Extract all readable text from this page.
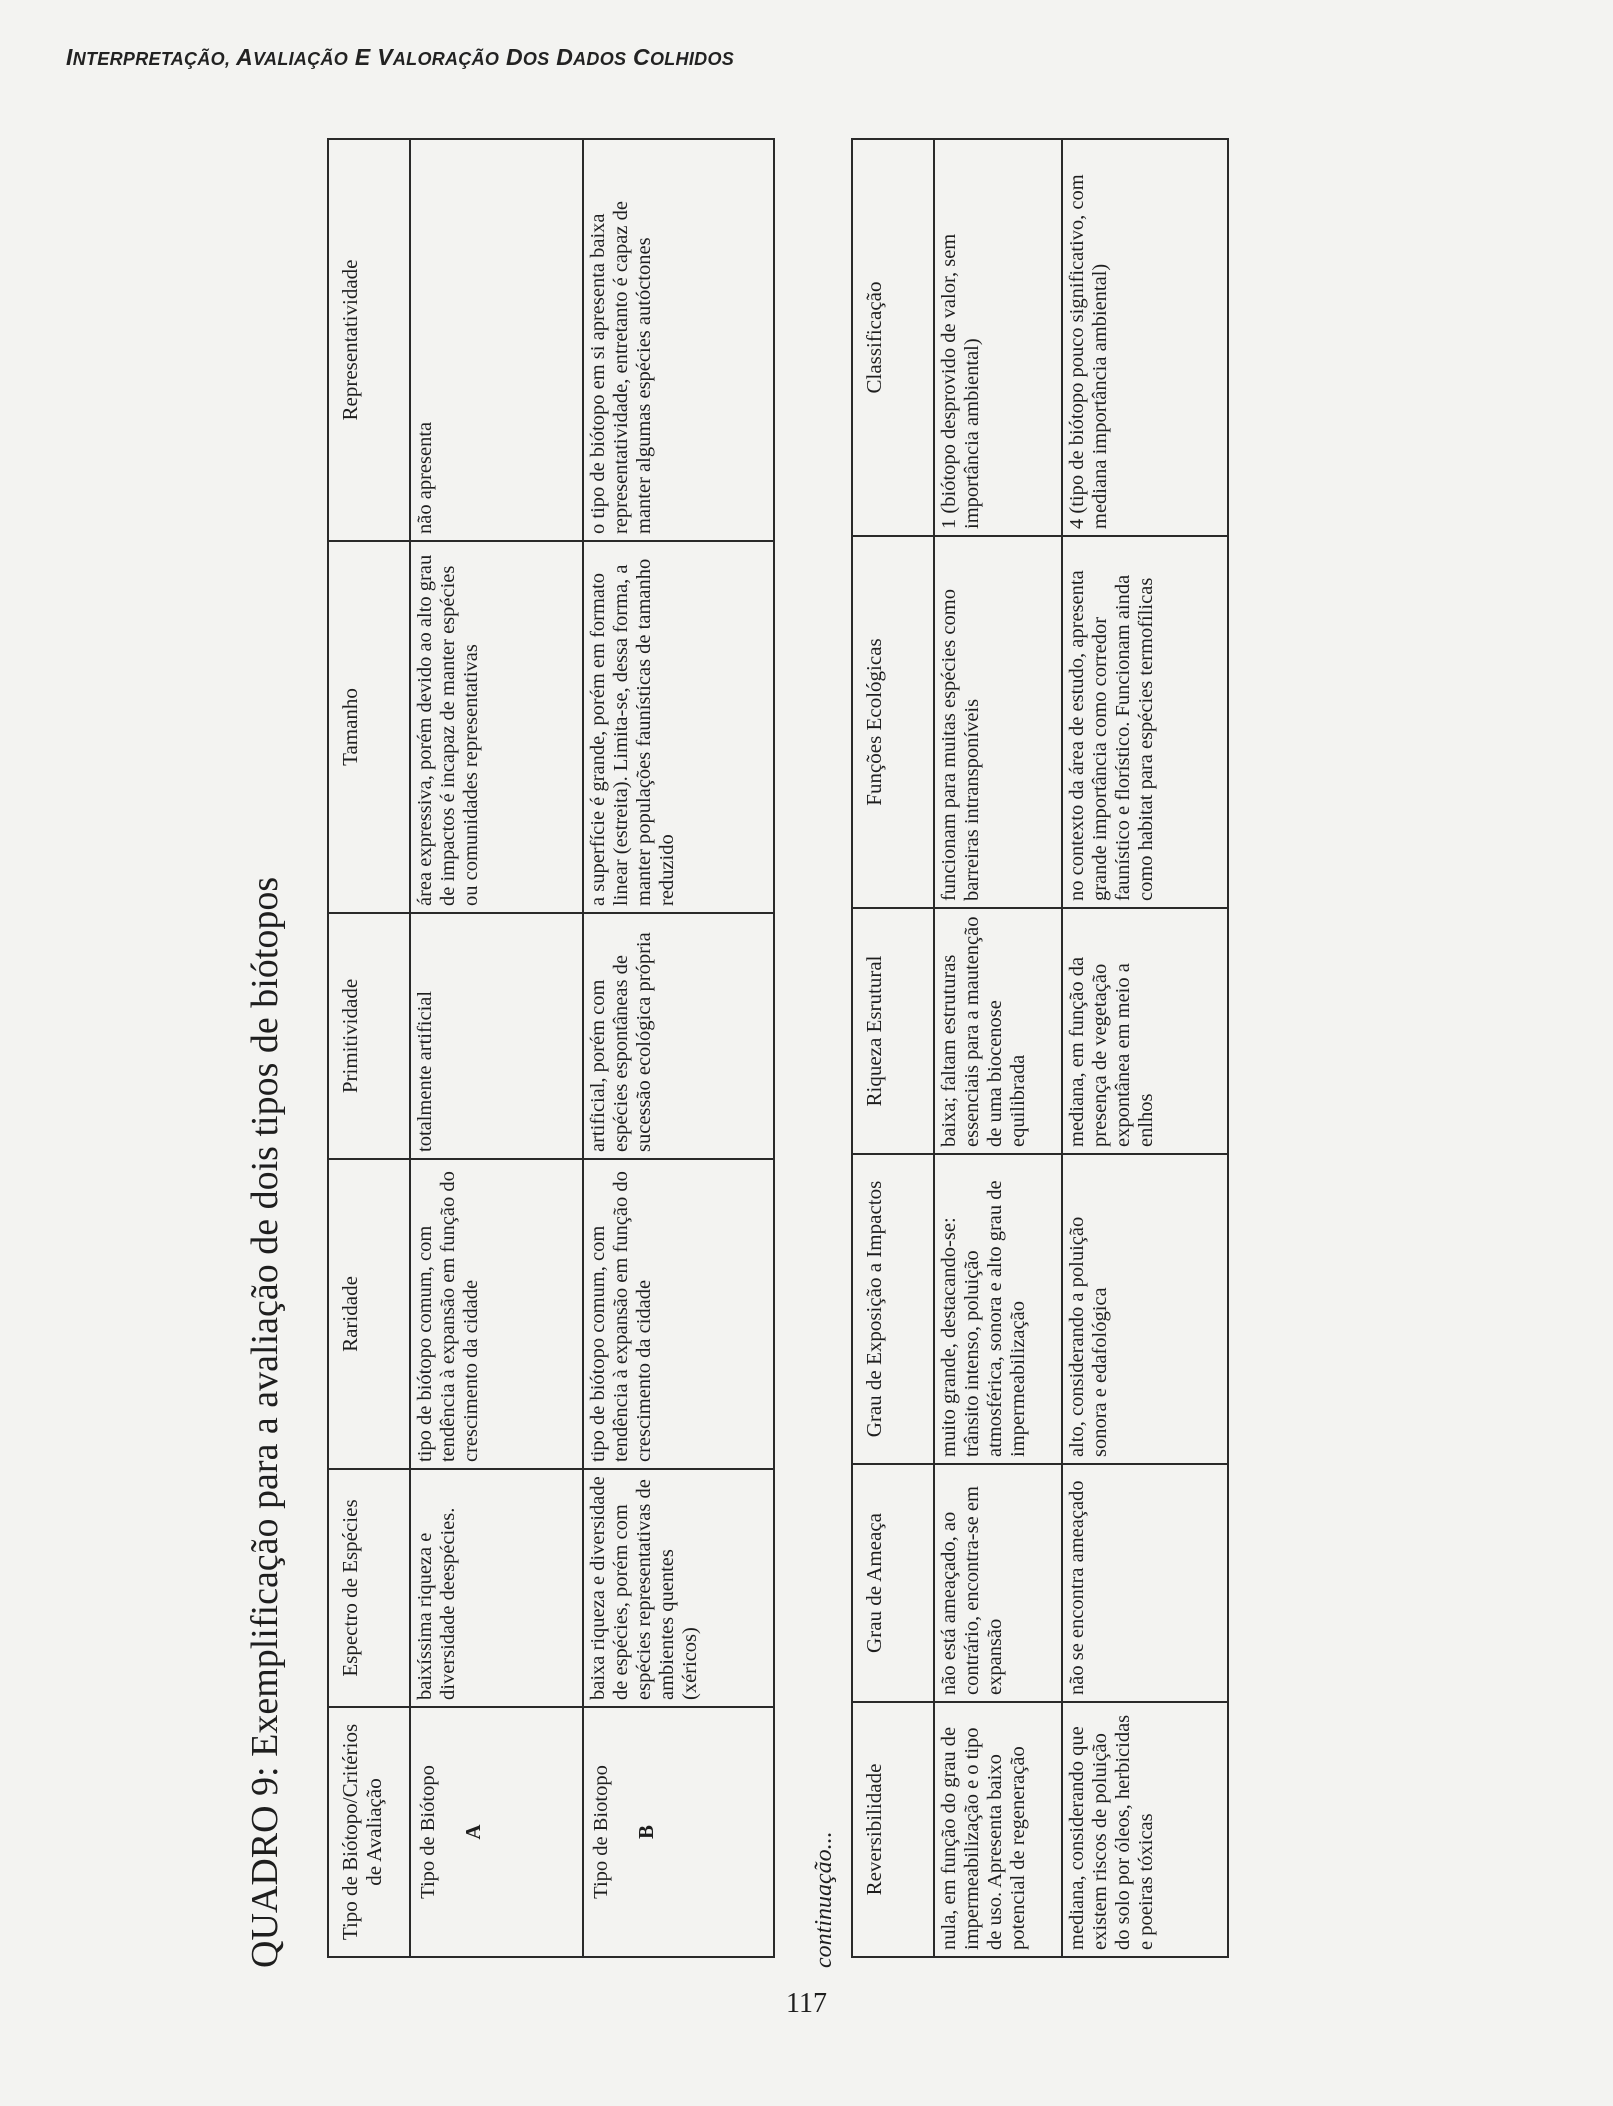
INTERPRETAÇÃO, AVALIAÇÃO E VALORAÇÃO DOS DADOS COLHIDOS

QUADRO 9: Exemplificação para a avaliação de dois tipos de biótopos Tipo de Biótopo/Critérios de Avaliação	Espectro de Espécies	Raridade	Primitividade	Tamanho	Representatividade
Tipo de Biótopo A	baixíssima riqueza e diversidade deespécies.	tipo de biótopo comum, com tendência à expansão em função do crescimento da cidade	totalmente artificial	área expressiva, porém devido ao alto grau de impactos é incapaz de manter espécies ou comunidades representativas	não apresenta
Tipo de Biotopo B	baixa riqueza e diversidade de espécies, porém com espécies representativas de ambientes quentes (xéricos)	tipo de biótopo comum, com tendência à expansão em função do crescimento da cidade	artificial, porém com espécies espontâneas de sucessão ecológica própria	a superfície é grande, porém em formato linear (estreita). Limita-se, dessa forma, a manter populações faunísticas de tamanho reduzido	o tipo de biótopo em si apresenta baixa representatividade, entretanto é capaz de manter algumas espécies autóctones
continuação...
Reversibilidade	Grau de Ameaça	Grau de Exposição a Impactos	Riqueza Esrutural	Funções Ecológicas	Classificação
nula, em função do grau de impermeabilização e o tipo de uso. Apresenta baixo potencial de regeneração	não está ameaçado, ao contrário, encontra-se em expansão	muito grande, destacando-se: trânsito intenso, poluição atmosférica, sonora e alto grau de impermeabilização	baixa; faltam estruturas essenciais para a mautenção de uma biocenose equilibrada	funcionam para muitas espécies como barreiras intransponíveis	1 (biótopo desprovido de valor, sem importância ambiental)
mediana, considerando que existem riscos de poluição do solo por óleos, herbicidas e poeiras tóxicas	não se encontra ameaçado	alto, considerando a poluição sonora e edafológica	mediana, em função da presença de vegetação expontânea em meio a enlhos	no contexto da área de estudo, apresenta grande importância como corredor faunístico e florístico. Funcionam ainda como habitat para espécies termofílicas	4 (tipo de biótopo pouco significativo, com mediana importância ambiental)
117
